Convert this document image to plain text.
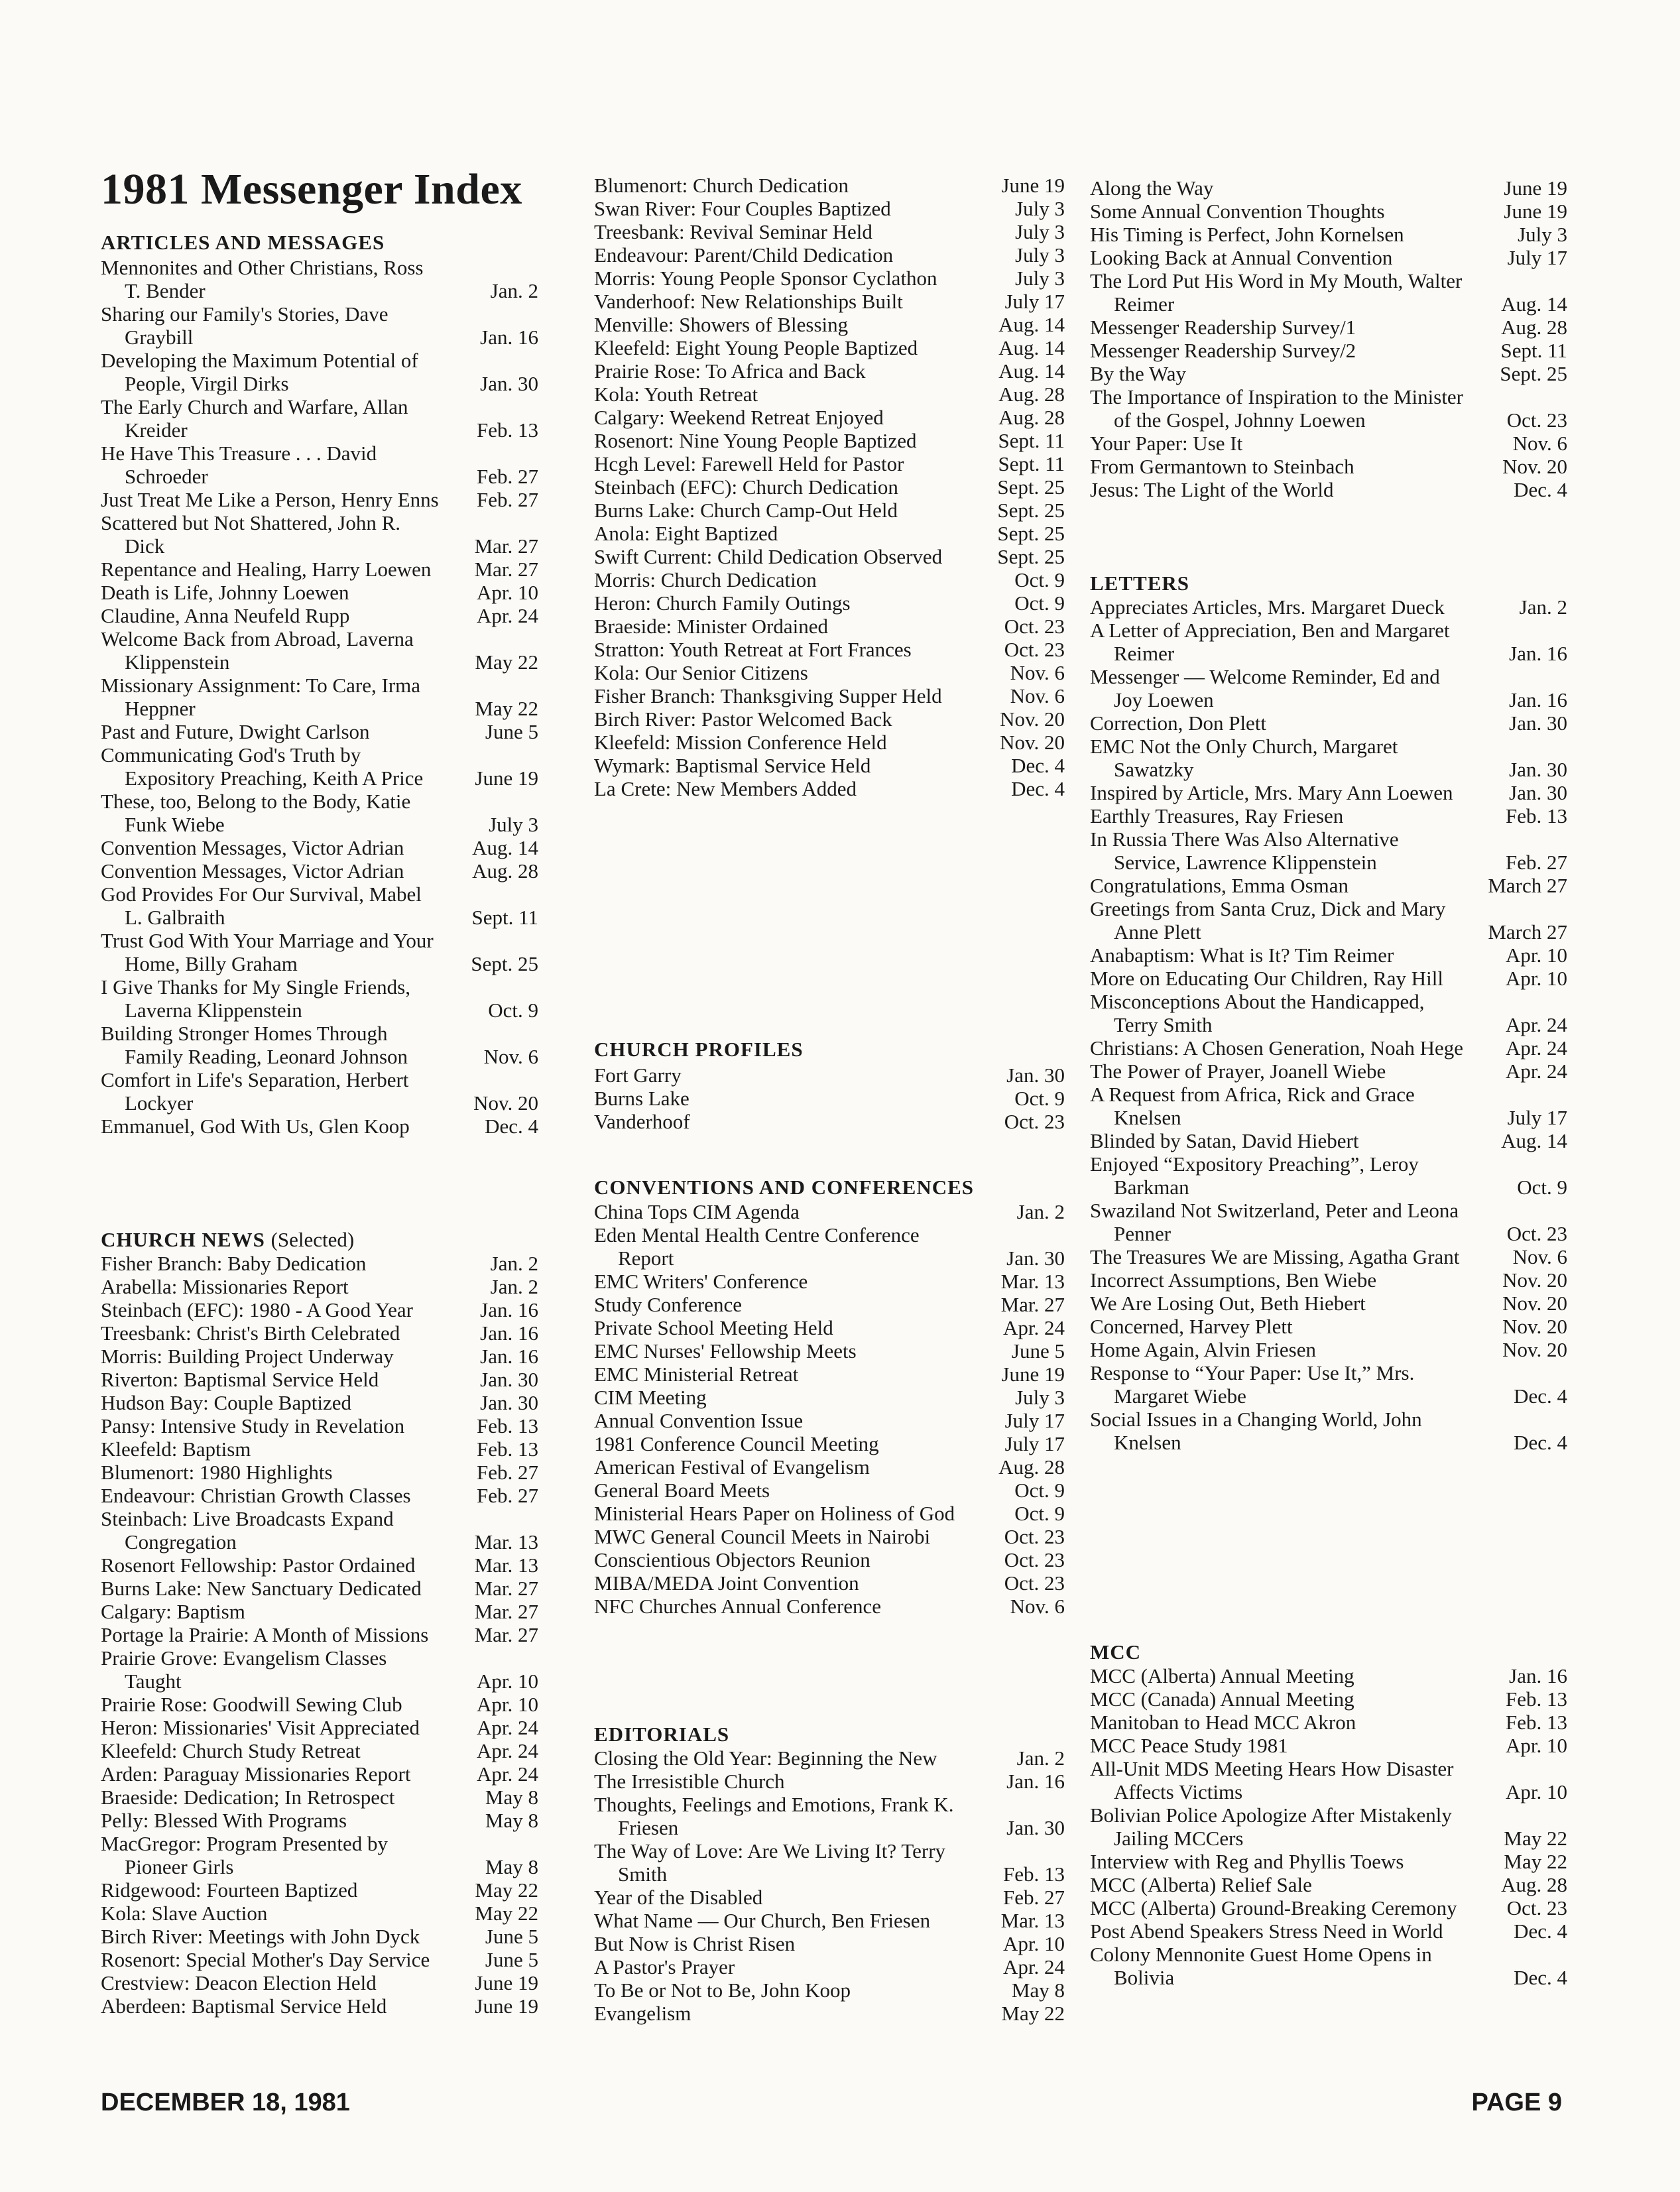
1981 Messenger Index
ARTICLES AND MESSAGES
CHURCH NEWS (Selected)
Mennonites and Other Christians, Ross T. Bender	Jan. 2
Sharing our Family's Stories, Dave Graybill	Jan. 16
Developing the Maximum Potential of People, Virgil Dirks	Jan. 30
The Early Church and Warfare, Allan Kreider	Feb. 13
He Have This Treasure . . . David Schroeder	Feb. 27
Just Treat Me Like a Person, Henry Enns	Feb. 27
Scattered but Not Shattered, John R. Dick	Mar. 27
Repentance and Healing, Harry Loewen	Mar. 27
Death is Life, Johnny Loewen	Apr. 10
Claudine, Anna Neufeld Rupp	Apr. 24
Welcome Back from Abroad, Laverna Klippenstein	May 22
Missionary Assignment: To Care, Irma Heppner	May 22
Past and Future, Dwight Carlson	June 5
Communicating God's Truth by Expository Preaching, Keith A Price	June 19
These, too, Belong to the Body, Katie Funk Wiebe	July 3
Convention Messages, Victor Adrian	Aug. 14
Convention Messages, Victor Adrian	Aug. 28
God Provides For Our Survival, Mabel L. Galbraith	Sept. 11
Trust God With Your Marriage and Your Home, Billy Graham	Sept. 25
I Give Thanks for My Single Friends, Laverna Klippenstein	Oct. 9
Building Stronger Homes Through Family Reading, Leonard Johnson	Nov. 6
Comfort in Life's Separation, Herbert Lockyer	Nov. 20
Emmanuel, God With Us, Glen Koop	Dec. 4
Fisher Branch: Baby Dedication	Jan. 2
Arabella: Missionaries Report	Jan. 2
Steinbach (EFC): 1980 - A Good Year	Jan. 16
Treesbank: Christ's Birth Celebrated	Jan. 16
Morris: Building Project Underway	Jan. 16
Riverton: Baptismal Service Held	Jan. 30
Hudson Bay: Couple Baptized	Jan. 30
Pansy: Intensive Study in Revelation	Feb. 13
Kleefeld: Baptism	Feb. 13
Blumenort: 1980 Highlights	Feb. 27
Endeavour: Christian Growth Classes	Feb. 27
Steinbach: Live Broadcasts Expand Congregation	Mar. 13
Rosenort Fellowship: Pastor Ordained	Mar. 13
Burns Lake: New Sanctuary Dedicated	Mar. 27
Calgary: Baptism	Mar. 27
Portage la Prairie: A Month of Missions	Mar. 27
Prairie Grove: Evangelism Classes Taught	Apr. 10
Prairie Rose: Goodwill Sewing Club	Apr. 10
Heron: Missionaries' Visit Appreciated	Apr. 24
Kleefeld: Church Study Retreat	Apr. 24
Arden: Paraguay Missionaries Report	Apr. 24
Braeside: Dedication; In Retrospect	May 8
Pelly: Blessed With Programs	May 8
MacGregor: Program Presented by Pioneer Girls	May 8
Ridgewood: Fourteen Baptized	May 22
Kola: Slave Auction	May 22
Birch River: Meetings with John Dyck	June 5
Rosenort: Special Mother's Day Service	June 5
Crestview: Deacon Election Held	June 19
Aberdeen: Baptismal Service Held	June 19
CHURCH PROFILES
CONVENTIONS AND CONFERENCES
EDITORIALS
Blumenort: Church Dedication	June 19
Swan River: Four Couples Baptized	July 3
Treesbank: Revival Seminar Held	July 3
Endeavour: Parent/Child Dedication	July 3
Morris: Young People Sponsor Cyclathon	July 3
Vanderhoof: New Relationships Built	July 17
Menville: Showers of Blessing	Aug. 14
Kleefeld: Eight Young People Baptized	Aug. 14
Prairie Rose: To Africa and Back	Aug. 14
Kola: Youth Retreat	Aug. 28
Calgary: Weekend Retreat Enjoyed	Aug. 28
Rosenort: Nine Young People Baptized	Sept. 11
Hcgh Level: Farewell Held for Pastor	Sept. 11
Steinbach (EFC): Church Dedication	Sept. 25
Burns Lake: Church Camp-Out Held	Sept. 25
Anola: Eight Baptized	Sept. 25
Swift Current: Child Dedication Observed	Sept. 25
Morris: Church Dedication	Oct. 9
Heron: Church Family Outings	Oct. 9
Braeside: Minister Ordained	Oct. 23
Stratton: Youth Retreat at Fort Frances	Oct. 23
Kola: Our Senior Citizens	Nov. 6
Fisher Branch: Thanksgiving Supper Held	Nov. 6
Birch River: Pastor Welcomed Back	Nov. 20
Kleefeld: Mission Conference Held	Nov. 20
Wymark: Baptismal Service Held	Dec. 4
La Crete: New Members Added	Dec. 4
Fort Garry	Jan. 30
Burns Lake	Oct. 9
Vanderhoof	Oct. 23
China Tops CIM Agenda	Jan. 2
Eden Mental Health Centre Conference Report	Jan. 30
EMC Writers' Conference	Mar. 13
Study Conference	Mar. 27
Private School Meeting Held	Apr. 24
EMC Nurses' Fellowship Meets	June 5
EMC Ministerial Retreat	June 19
CIM Meeting	July 3
Annual Convention Issue	July 17
1981 Conference Council Meeting	July 17
American Festival of Evangelism	Aug. 28
General Board Meets	Oct. 9
Ministerial Hears Paper on Holiness of God	Oct. 9
MWC General Council Meets in Nairobi	Oct. 23
Conscientious Objectors Reunion	Oct. 23
MIBA/MEDA Joint Convention	Oct. 23
NFC Churches Annual Conference	Nov. 6
Closing the Old Year: Beginning the New	Jan. 2
The Irresistible Church	Jan. 16
Thoughts, Feelings and Emotions, Frank K. Friesen	Jan. 30
The Way of Love: Are We Living It? Terry Smith	Feb. 13
Year of the Disabled	Feb. 27
What Name — Our Church, Ben Friesen	Mar. 13
But Now is Christ Risen	Apr. 10
A Pastor's Prayer	Apr. 24
To Be or Not to Be, John Koop	May 8
Evangelism	May 22
LETTERS
MCC
Along the Way	June 19
Some Annual Convention Thoughts	June 19
His Timing is Perfect, John Kornelsen	July 3
Looking Back at Annual Convention	July 17
The Lord Put His Word in My Mouth, Walter Reimer	Aug. 14
Messenger Readership Survey/1	Aug. 28
Messenger Readership Survey/2	Sept. 11
By the Way	Sept. 25
The Importance of Inspiration to the Minister of the Gospel, Johnny Loewen	Oct. 23
Your Paper: Use It	Nov. 6
From Germantown to Steinbach	Nov. 20
Jesus: The Light of the World	Dec. 4
Appreciates Articles, Mrs. Margaret Dueck	Jan. 2
A Letter of Appreciation, Ben and Margaret Reimer	Jan. 16
Messenger — Welcome Reminder, Ed and Joy Loewen	Jan. 16
Correction, Don Plett	Jan. 30
EMC Not the Only Church, Margaret Sawatzky	Jan. 30
Inspired by Article, Mrs. Mary Ann Loewen	Jan. 30
Earthly Treasures, Ray Friesen	Feb. 13
In Russia There Was Also Alternative Service, Lawrence Klippenstein	Feb. 27
Congratulations, Emma Osman	March 27
Greetings from Santa Cruz, Dick and Mary Anne Plett	March 27
Anabaptism: What is It? Tim Reimer	Apr. 10
More on Educating Our Children, Ray Hill	Apr. 10
Misconceptions About the Handicapped, Terry Smith	Apr. 24
Christians: A Chosen Generation, Noah Hege	Apr. 24
The Power of Prayer, Joanell Wiebe	Apr. 24
A Request from Africa, Rick and Grace Knelsen	July 17
Blinded by Satan, David Hiebert	Aug. 14
Enjoyed “Expository Preaching”, Leroy Barkman	Oct. 9
Swaziland Not Switzerland, Peter and Leona Penner	Oct. 23
The Treasures We are Missing, Agatha Grant	Nov. 6
Incorrect Assumptions, Ben Wiebe	Nov. 20
We Are Losing Out, Beth Hiebert	Nov. 20
Concerned, Harvey Plett	Nov. 20
Home Again, Alvin Friesen	Nov. 20
Response to “Your Paper: Use It,” Mrs. Margaret Wiebe	Dec. 4
Social Issues in a Changing World, John Knelsen	Dec. 4
MCC (Alberta) Annual Meeting	Jan. 16
MCC (Canada) Annual Meeting	Feb. 13
Manitoban to Head MCC Akron	Feb. 13
MCC Peace Study 1981	Apr. 10
All-Unit MDS Meeting Hears How Disaster Affects Victims	Apr. 10
Bolivian Police Apologize After Mistakenly Jailing MCCers	May 22
Interview with Reg and Phyllis Toews	May 22
MCC (Alberta) Relief Sale	Aug. 28
MCC (Alberta) Ground-Breaking Ceremony	Oct. 23
Post Abend Speakers Stress Need in World	Dec. 4
Colony Mennonite Guest Home Opens in Bolivia	Dec. 4
DECEMBER 18, 1981	PAGE 9
